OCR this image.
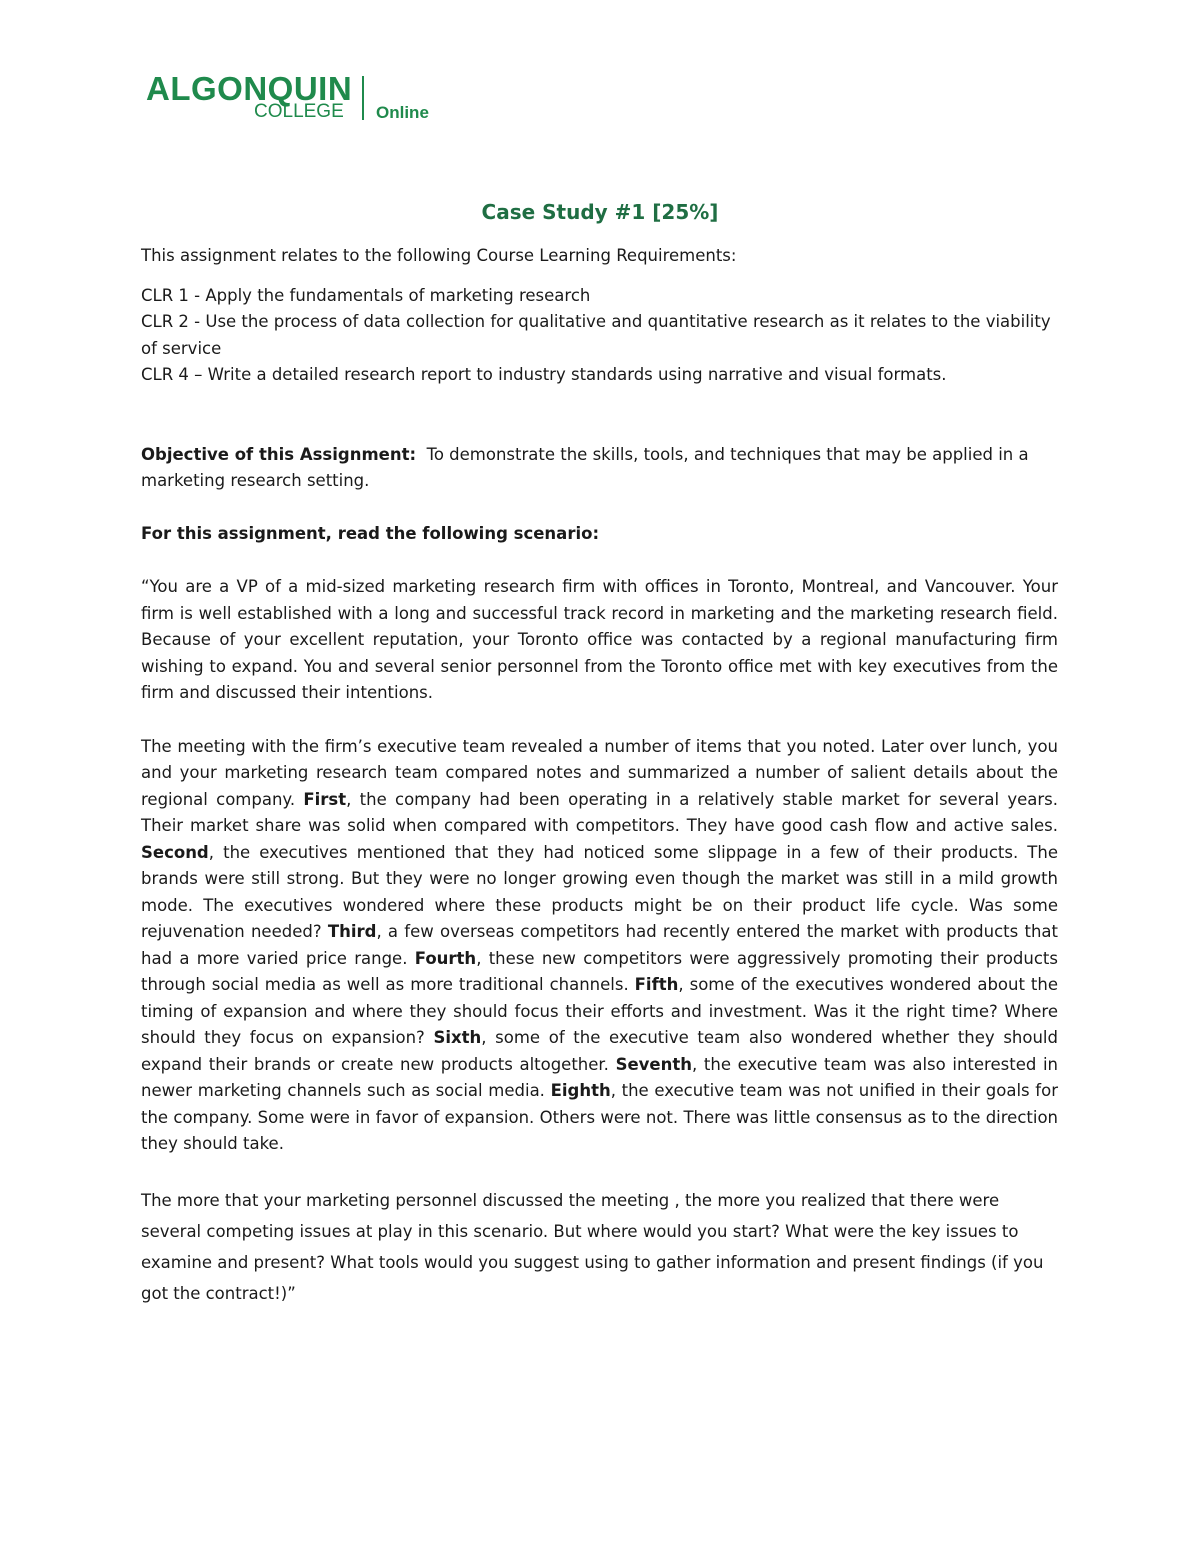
ALGONQUIN
COLLEGE Online
Case Study #1 [25%]

This assignment relates to the following Course Learning Requirements:

CLR 1 - Apply the fundamentals of marketing research

CLR 2 - Use the process of data collection for qualitative and quantitative research as it relates to the viability of service

CLR 4 – Write a detailed research report to industry standards using narrative and visual formats.

Objective of this Assignment: To demonstrate the skills, tools, and techniques that may be applied in a marketing research setting.

For this assignment, read the following scenario:

“You are a VP of a mid-sized marketing research firm with offices in Toronto, Montreal, and Vancouver. Your firm is well established with a long and successful track record in marketing and the marketing research field. Because of your excellent reputation, your Toronto office was contacted by a regional manufacturing firm wishing to expand. You and several senior personnel from the Toronto office met with key executives from the firm and discussed their intentions.

The meeting with the firm’s executive team revealed a number of items that you noted. Later over lunch, you and your marketing research team compared notes and summarized a number of salient details about the regional company. First, the company had been operating in a relatively stable market for several years. Their market share was solid when compared with competitors. They have good cash flow and active sales. Second, the executives mentioned that they had noticed some slippage in a few of their products. The brands were still strong. But they were no longer growing even though the market was still in a mild growth mode. The executives wondered where these products might be on their product life cycle. Was some rejuvenation needed? Third, a few overseas competitors had recently entered the market with products that had a more varied price range. Fourth, these new competitors were aggressively promoting their products through social media as well as more traditional channels. Fifth, some of the executives wondered about the timing of expansion and where they should focus their efforts and investment. Was it the right time? Where should they focus on expansion? Sixth, some of the executive team also wondered whether they should expand their brands or create new products altogether. Seventh, the executive team was also interested in newer marketing channels such as social media. Eighth, the executive team was not unified in their goals for the company. Some were in favor of expansion. Others were not. There was little consensus as to the direction they should take.

The more that your marketing personnel discussed the meeting , the more you realized that there were several competing issues at play in this scenario. But where would you start? What were the key issues to examine and present? What tools would you suggest using to gather information and present findings (if you got the contract!)”
